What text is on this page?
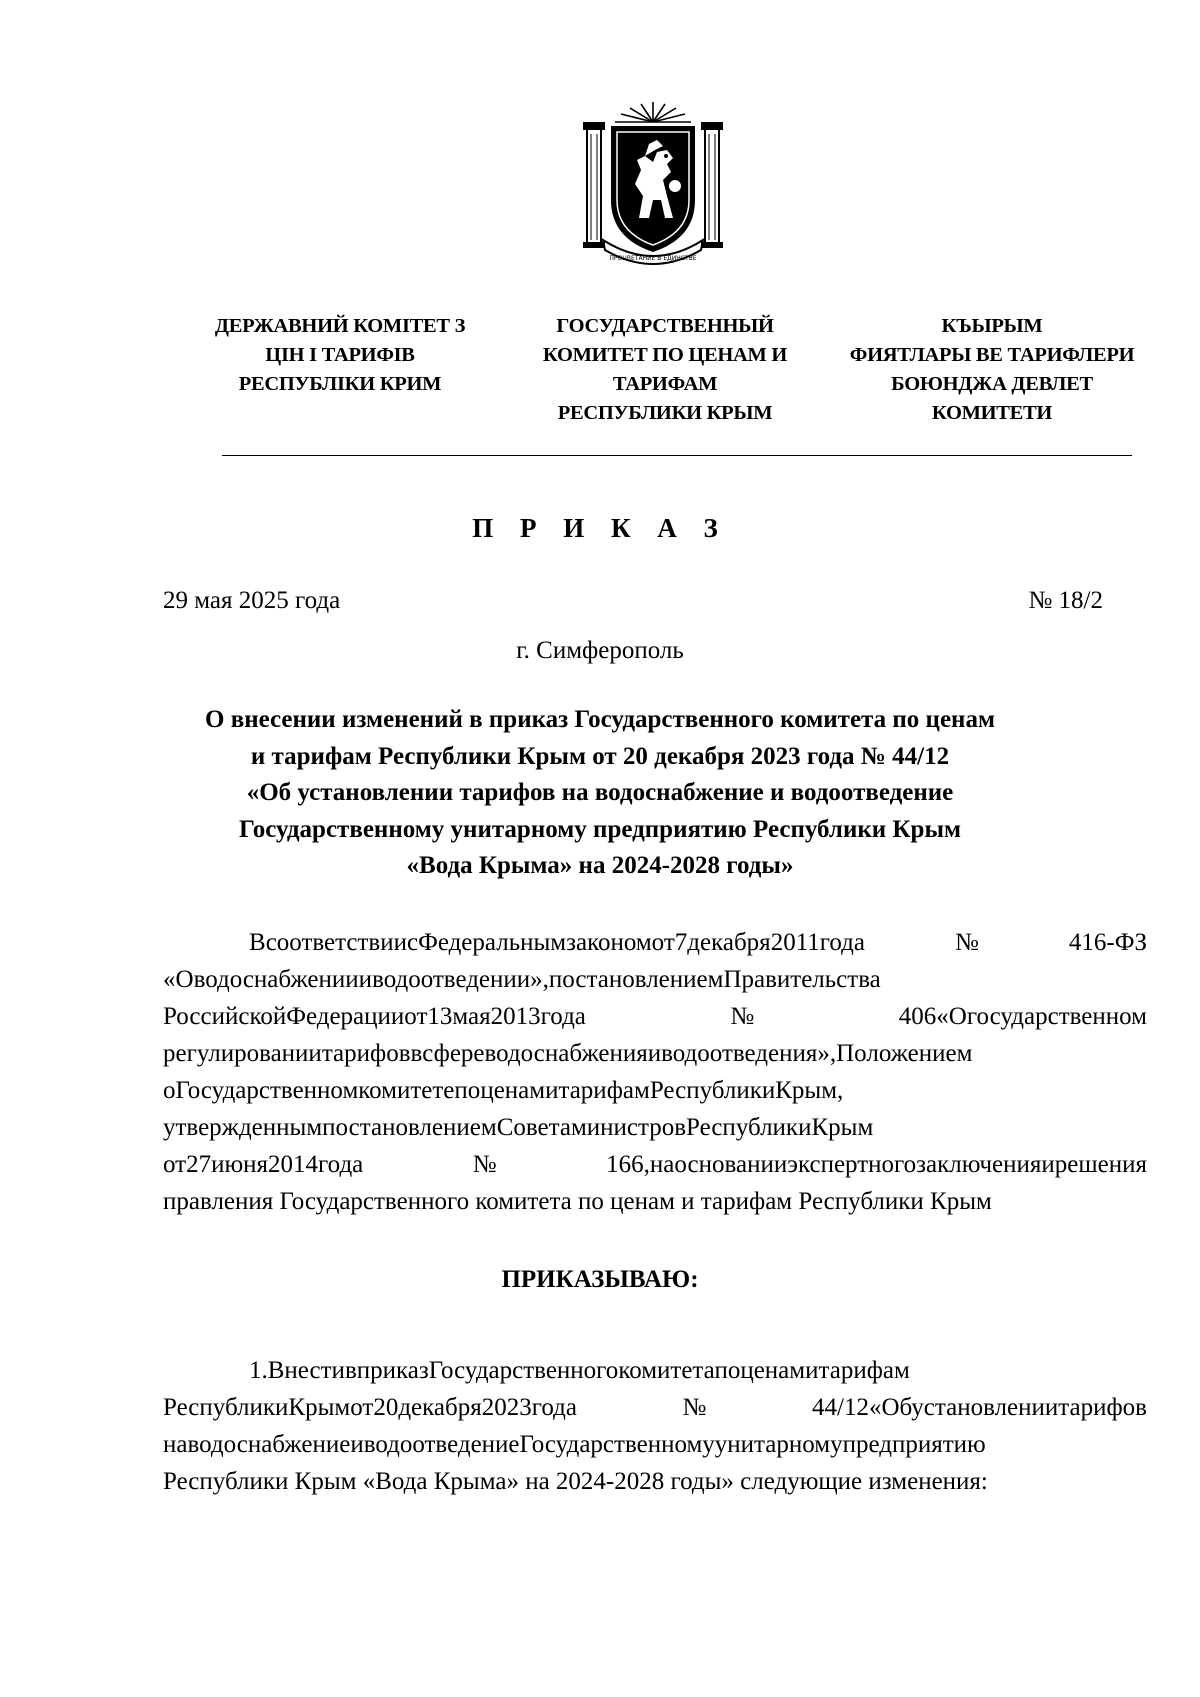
ПРОЦВЕТАНИЕ В ЕДИНСТВЕ
ДЕРЖАВНИЙ КОМІТЕТ З
ЦІН І ТАРИФІВ
РЕСПУБЛІКИ КРИМ
ГОСУДАРСТВЕННЫЙ
КОМИТЕТ ПО ЦЕНАМ И
ТАРИФАМ
РЕСПУБЛИКИ КРЫМ
КЪЫРЫМ
ФИЯТЛАРЫ ВЕ ТАРИФЛЕРИ
БОЮНДЖА ДЕВЛЕТ
КОМИТЕТИ
П Р И К А З
29 мая 2025 года	№ 18/2
г. Симферополь
О внесении изменений в приказ Государственного комитета по ценам
и тарифам Республики Крым от 20 декабря 2023 года № 44/12
«Об установлении тарифов на водоснабжение и водоотведение
Государственному унитарному предприятию Республики Крым
«Вода Крыма» на 2024-2028 годы»
ВсоответствиисФедеральнымзакономот7декабря2011года№416-ФЗ
«Оводоснабжениииводоотведении»,постановлениемПравительства
РоссийскойФедерацииот13мая2013года№406«Огосударственном
регулированиитарифоввсфереводоснабженияиводоотведения»,Положением
оГосударственномкомитетепоценамитарифамРеспубликиКрым,
утвержденнымпостановлениемСоветаминистровРеспубликиКрым
от27июня2014года№166,наоснованииэкспертногозаключенияирешения
правления Государственного комитета по ценам и тарифам Республики Крым
ПРИКАЗЫВАЮ:
1.ВнестивприказГосударственногокомитетапоценамитарифам
РеспубликиКрымот20декабря2023года№44/12«Обустановлениитарифов
наводоснабжениеиводоотведениеГосударственномуунитарномупредприятию
Республики Крым «Вода Крыма» на 2024-2028 годы» следующие изменения:
